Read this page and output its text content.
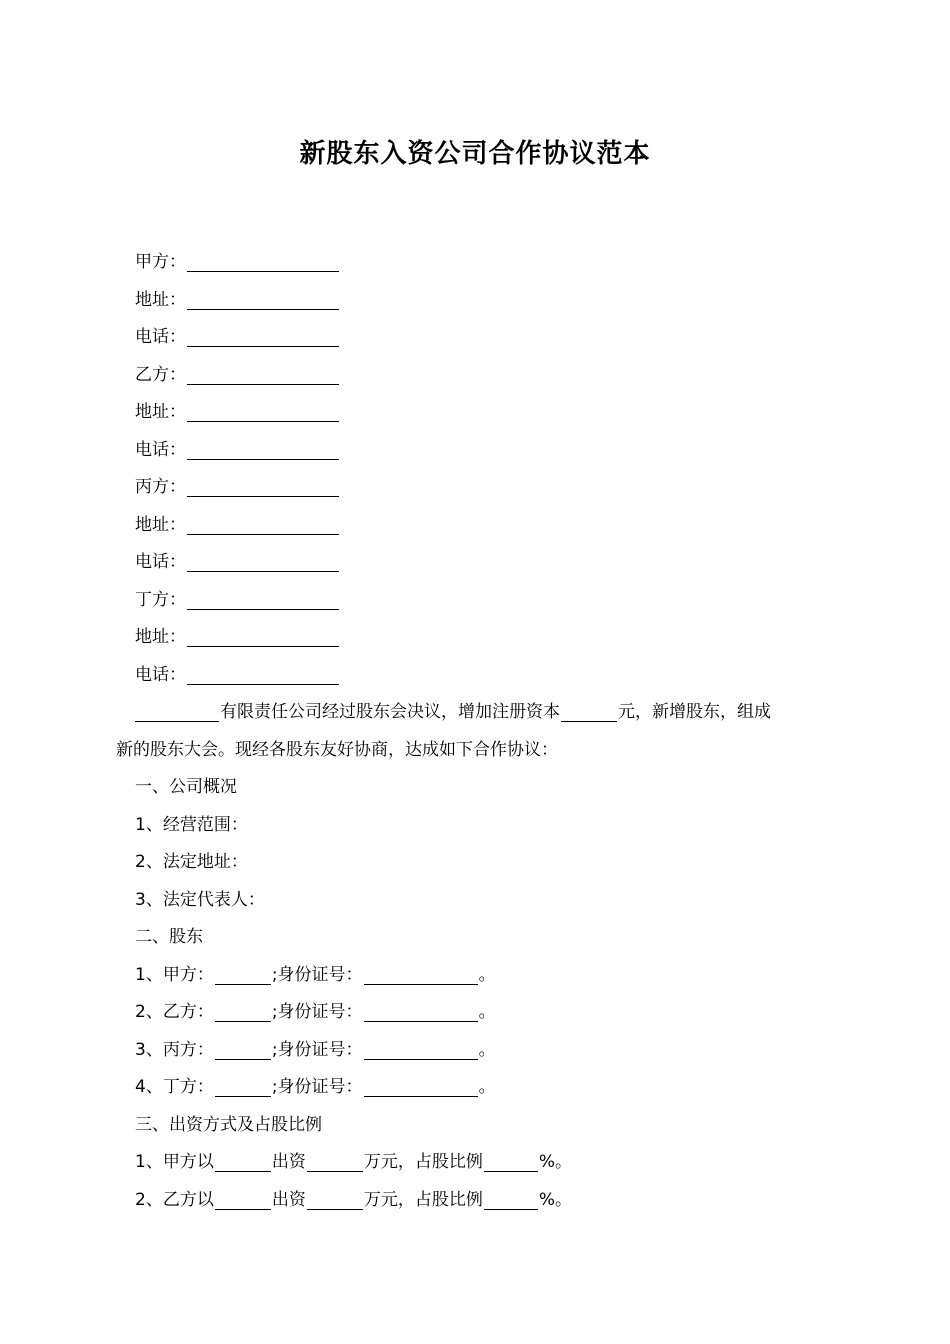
新股东入资公司合作协议范本
甲方：
地址：
电话：
乙方：
地址：
电话：
丙方：
地址：
电话：
丁方：
地址：
电话：
有限责任公司经过股东会决议，增加注册资本	元，新增股东，组成
新的股东大会。现经各股东友好协商，达成如下合作协议：
一、公司概况
1、经营范围：
2、法定地址：
3、法定代表人：
二、股东
1、甲方：	;身份证号：	。
2、乙方：	;身份证号：	。
3、丙方：	;身份证号：	。
4、丁方：	;身份证号：	。
三、出资方式及占股比例
1、甲方以	出资	万元，占股比例	%。
2、乙方以	出资	万元，占股比例	%。
